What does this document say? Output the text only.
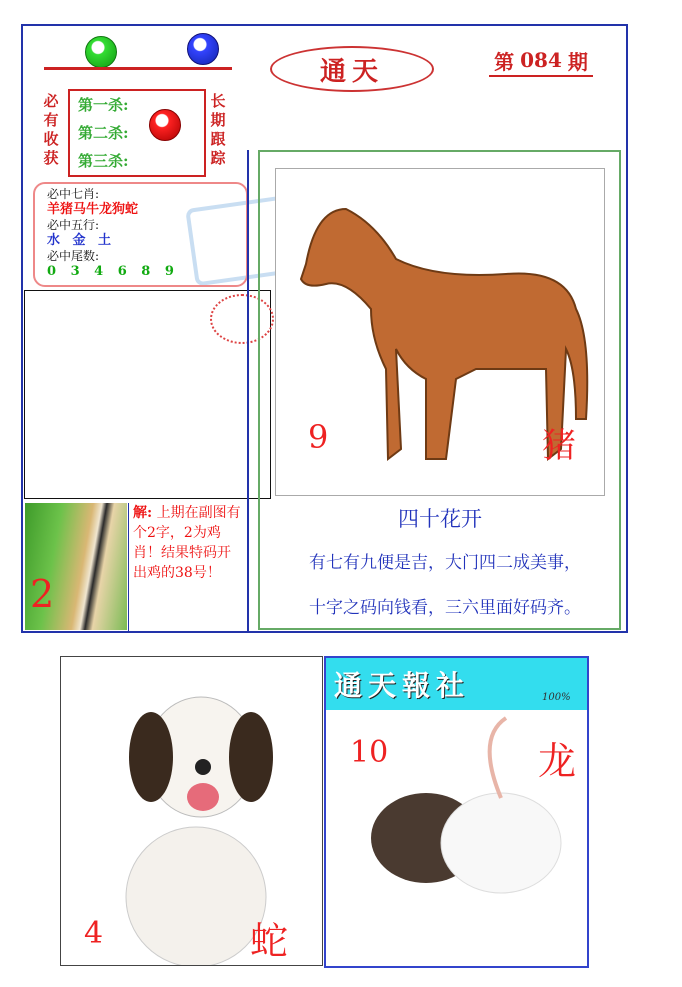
通天	第 084 期
必
有
收
获
长
期
跟
踪
第一杀:
第二杀:
第三杀:
必中七肖:
羊猪马牛龙狗蛇
必中五行:
水 金 土
必中尾数:
0 3 4 6 8 9
2
解: 上期在副图有个2字，2为鸡肖！结果特码开出鸡的38号！
9	猪
四十花开
有七有九便是吉，大门四二成美事，
十字之码向钱看，三六里面好码齐。
通天報社	100%
4	蛇
10	龙
